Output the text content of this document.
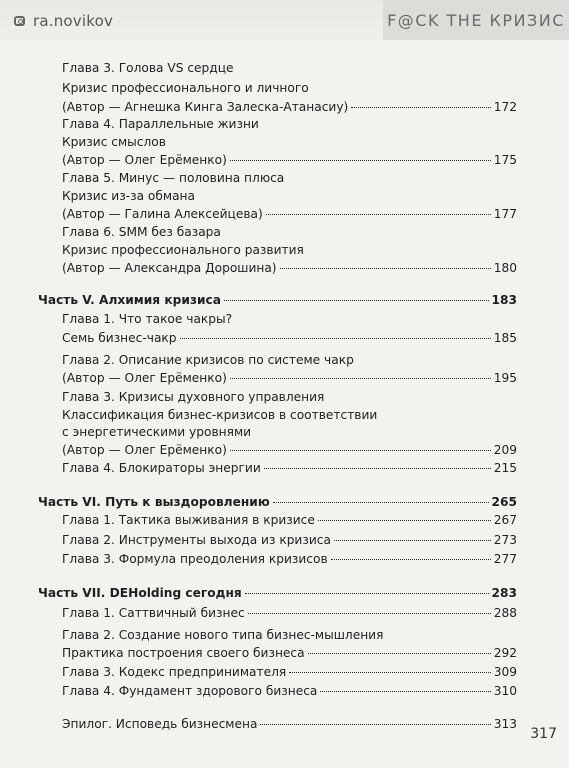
ra.novikov	F@CK THE КРИЗИС
Глава 3. Голова VS сердце
Кризис профессионального и личного
(Автор — Агнешка Кинга Залеска-Атанасиу)	172
Глава 4. Параллельные жизни
Кризис смыслов
(Автор — Олег Ерёменко)	175
Глава 5. Минус — половина плюса
Кризис из-за обмана
(Автор — Галина Алексейцева)	177
Глава 6. SMM без базара
Кризис профессионального развития
(Автор — Александра Дорошина)	180
Часть V. Алхимия кризиса	183
Глава 1. Что такое чакры?
Семь бизнес-чакр	185
Глава 2. Описание кризисов по системе чакр
(Автор — Олег Ерёменко)	195
Глава 3. Кризисы духовного управления
Классификация бизнес-кризисов в соответствии
с энергетическими уровнями
(Автор — Олег Ерёменко)	209
Глава 4. Блокираторы энергии	215
Часть VI. Путь к выздоровлению	265
Глава 1. Тактика выживания в кризисе	267
Глава 2. Инструменты выхода из кризиса	273
Глава 3. Формула преодоления кризисов	277
Часть VII. DEHolding сегодня	283
Глава 1. Саттвичный бизнес	288
Глава 2. Создание нового типа бизнес-мышления
Практика построения своего бизнеса	292
Глава 3. Кодекс предпринимателя	309
Глава 4. Фундамент здорового бизнеса	310
Эпилог. Исповедь бизнесмена	313
317
